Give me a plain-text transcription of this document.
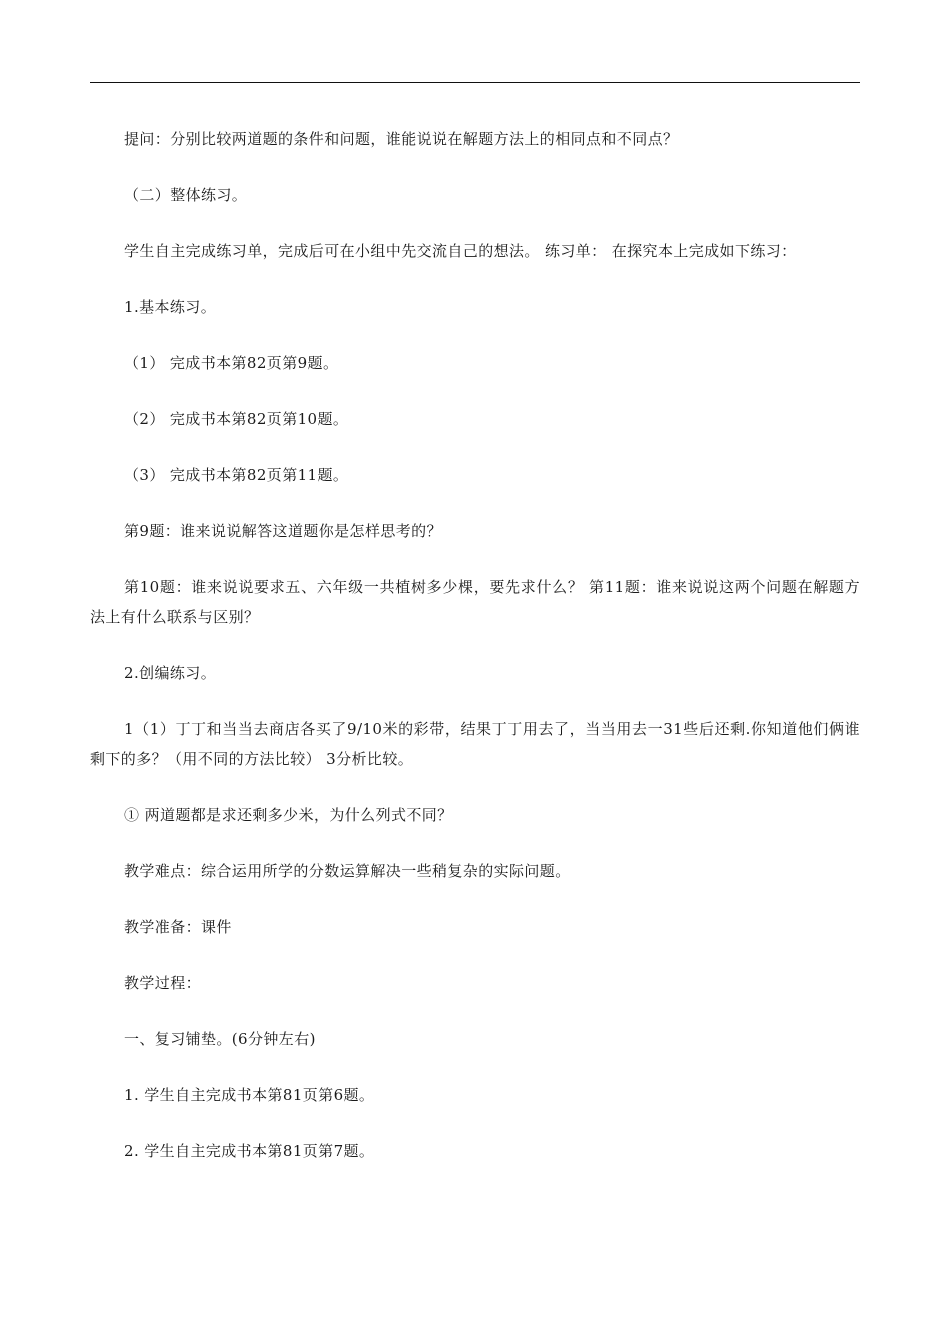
提问：分别比较两道题的条件和问题，谁能说说在解题方法上的相同点和不同点？

（二）整体练习。

学生自主完成练习单，完成后可在小组中先交流自己的想法。 练习单： 在探究本上完成如下练习：

1.基本练习。

（1） 完成书本第82页第9题。

（2） 完成书本第82页第10题。

（3） 完成书本第82页第11题。

第9题：谁来说说解答这道题你是怎样思考的？

第10题：谁来说说要求五、六年级一共植树多少棵，要先求什么？ 第11题：谁来说说这两个问题在解题方法上有什么联系与区别？

2.创编练习。

1（1）丁丁和当当去商店各买了9/10米的彩带，结果丁丁用去了，当当用去一31些后还剩.你知道他们俩谁剩下的多？（用不同的方法比较） 3分析比较。

① 两道题都是求还剩多少米，为什么列式不同？

教学难点：综合运用所学的分数运算解决一些稍复杂的实际问题。

教学准备：课件

教学过程：

一、复习铺垫。(6分钟左右)

1. 学生自主完成书本第81页第6题。

2. 学生自主完成书本第81页第7题。
